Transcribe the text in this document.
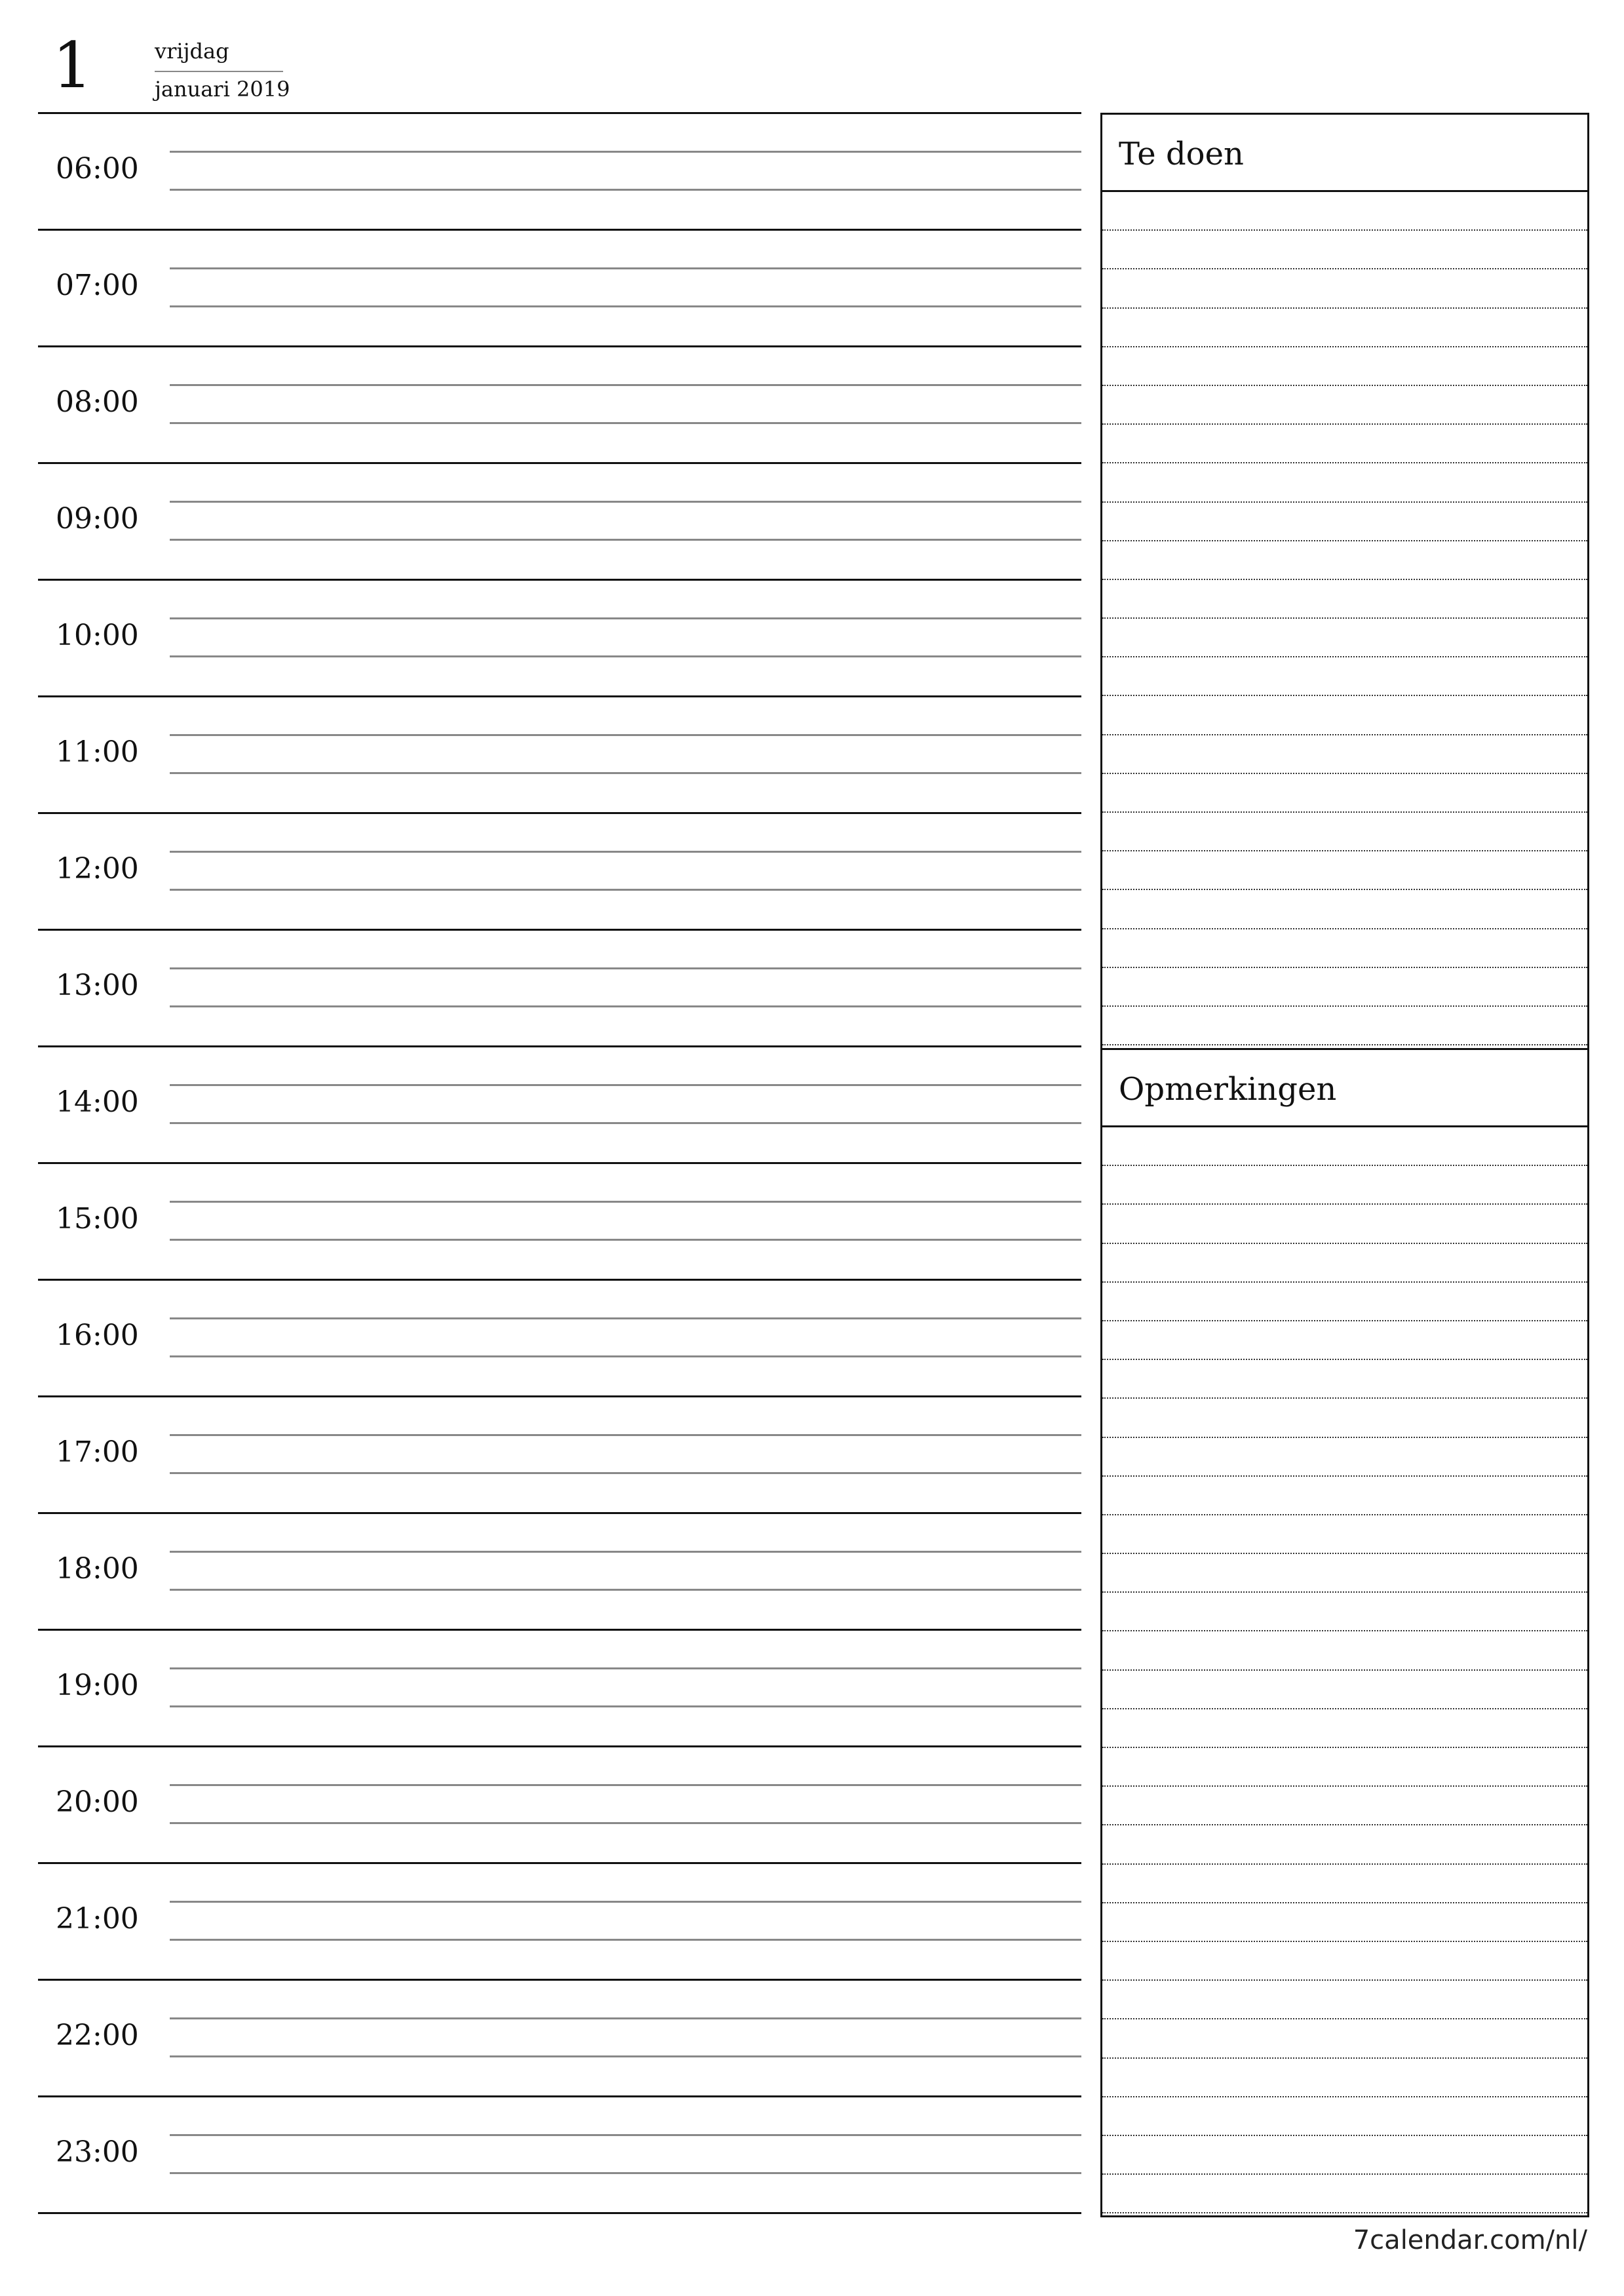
1	vrijdag
januari 2019
06:00
07:00
08:00
09:00
10:00
11:00
12:00
13:00
14:00
15:00
16:00
17:00
18:00
19:00
20:00
21:00
22:00
23:00
Te doen
Opmerkingen
7calendar.com/nl/
